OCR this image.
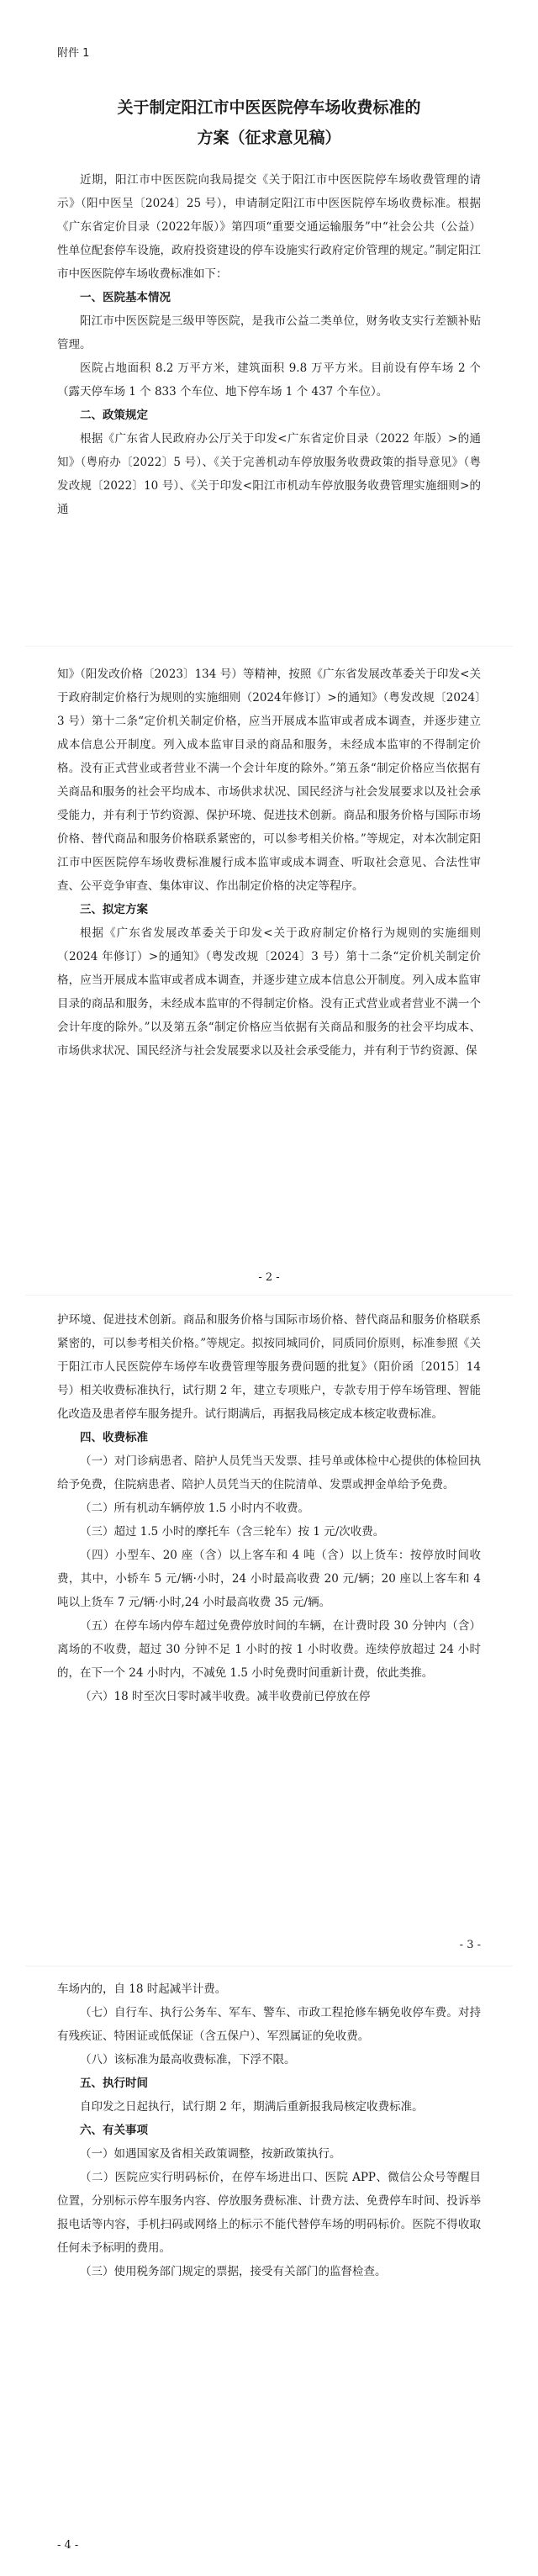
附件 1
关于制定阳江市中医医院停车场收费标准的
方案（征求意见稿）

近期，阳江市中医医院向我局提交《关于阳江市中医医院停车场收费管理的请示》（阳中医呈〔2024〕25 号），申请制定阳江市中医医院停车场收费标准。根据《广东省定价目录（2022年版）》第四项“重要交通运输服务”中“社会公共（公益）性单位配套停车设施，政府投资建设的停车设施实行政府定价管理的规定。”制定阳江市中医医院停车场收费标准如下：

一、医院基本情况

阳江市中医医院是三级甲等医院，是我市公益二类单位，财务收支实行差额补贴管理。

医院占地面积 8.2 万平方米，建筑面积 9.8 万平方米。目前设有停车场 2 个（露天停车场 1 个 833 个车位、地下停车场 1 个 437 个车位）。

二、政策规定

根据《广东省人民政府办公厅关于印发<广东省定价目录（2022 年版）>的通知》（粤府办〔2022〕5 号）、《关于完善机动车停放服务收费政策的指导意见》（粤发改规〔2022〕10 号）、《关于印发<阳江市机动车停放服务收费管理实施细则>的通

知》（阳发改价格〔2023〕134 号）等精神，按照《广东省发展改革委关于印发<关于政府制定价格行为规则的实施细则（2024年修订）>的通知》（粤发改规〔2024〕3 号）第十二条“定价机关制定价格，应当开展成本监审或者成本调查，并逐步建立成本信息公开制度。列入成本监审目录的商品和服务，未经成本监审的不得制定价格。没有正式营业或者营业不满一个会计年度的除外。”第五条“制定价格应当依据有关商品和服务的社会平均成本、市场供求状况、国民经济与社会发展要求以及社会承受能力，并有利于节约资源、保护环境、促进技术创新。商品和服务价格与国际市场价格、替代商品和服务价格联系紧密的，可以参考相关价格。”等规定，对本次制定阳江市中医医院停车场收费标准履行成本监审或成本调查、听取社会意见、合法性审查、公平竞争审查、集体审议、作出制定价格的决定等程序。

三、拟定方案

根据《广东省发展改革委关于印发<关于政府制定价格行为规则的实施细则（2024 年修订）>的通知》（粤发改规〔2024〕3 号）第十二条“定价机关制定价格，应当开展成本监审或者成本调查，并逐步建立成本信息公开制度。列入成本监审目录的商品和服务，未经成本监审的不得制定价格。没有正式营业或者营业不满一个会计年度的除外。”以及第五条“制定价格应当依据有关商品和服务的社会平均成本、市场供求状况、国民经济与社会发展要求以及社会承受能力，并有利于节约资源、保

- 2 -

护环境、促进技术创新。商品和服务价格与国际市场价格、替代商品和服务价格联系紧密的，可以参考相关价格。”等规定。拟按同城同价，同质同价原则，标准参照《关于阳江市人民医院停车场停车收费管理等服务费问题的批复》（阳价函〔2015〕14 号）相关收费标准执行，试行期 2 年，建立专项账户，专款专用于停车场管理、智能化改造及患者停车服务提升。试行期满后，再据我局核定成本核定收费标准。

四、收费标准

（一）对门诊病患者、陪护人员凭当天发票、挂号单或体检中心提供的体检回执给予免费，住院病患者、陪护人员凭当天的住院清单、发票或押金单给予免费。

（二）所有机动车辆停放 1.5 小时内不收费。

（三）超过 1.5 小时的摩托车（含三轮车）按 1 元/次收费。

（四）小型车、20 座（含）以上客车和 4 吨（含）以上货车：按停放时间收费，其中，小轿车 5 元/辆·小时，24 小时最高收费 20 元/辆；20 座以上客车和 4 吨以上货车 7 元/辆·小时,24 小时最高收费 35 元/辆。

（五）在停车场内停车超过免费停放时间的车辆，在计费时段 30 分钟内（含）离场的不收费，超过 30 分钟不足 1 小时的按 1 小时收费。连续停放超过 24 小时的，在下一个 24 小时内，不减免 1.5 小时免费时间重新计费，依此类推。

（六）18 时至次日零时减半收费。减半收费前已停放在停

- 3 -

车场内的，自 18 时起减半计费。

（七）自行车、执行公务车、军车、警车、市政工程抢修车辆免收停车费。对持有残疾证、特困证或低保证（含五保户）、军烈属证的免收费。

（八）该标准为最高收费标准，下浮不限。

五、执行时间

自印发之日起执行，试行期 2 年，期满后重新报我局核定收费标准。

六、有关事项

（一）如遇国家及省相关政策调整，按新政策执行。

（二）医院应实行明码标价，在停车场进出口、医院 APP、微信公众号等醒目位置，分别标示停车服务内容、停放服务费标准、计费方法、免费停车时间、投诉举报电话等内容，手机扫码或网络上的标示不能代替停车场的明码标价。医院不得收取任何未予标明的费用。

（三）使用税务部门规定的票据，接受有关部门的监督检查。

- 4 -
